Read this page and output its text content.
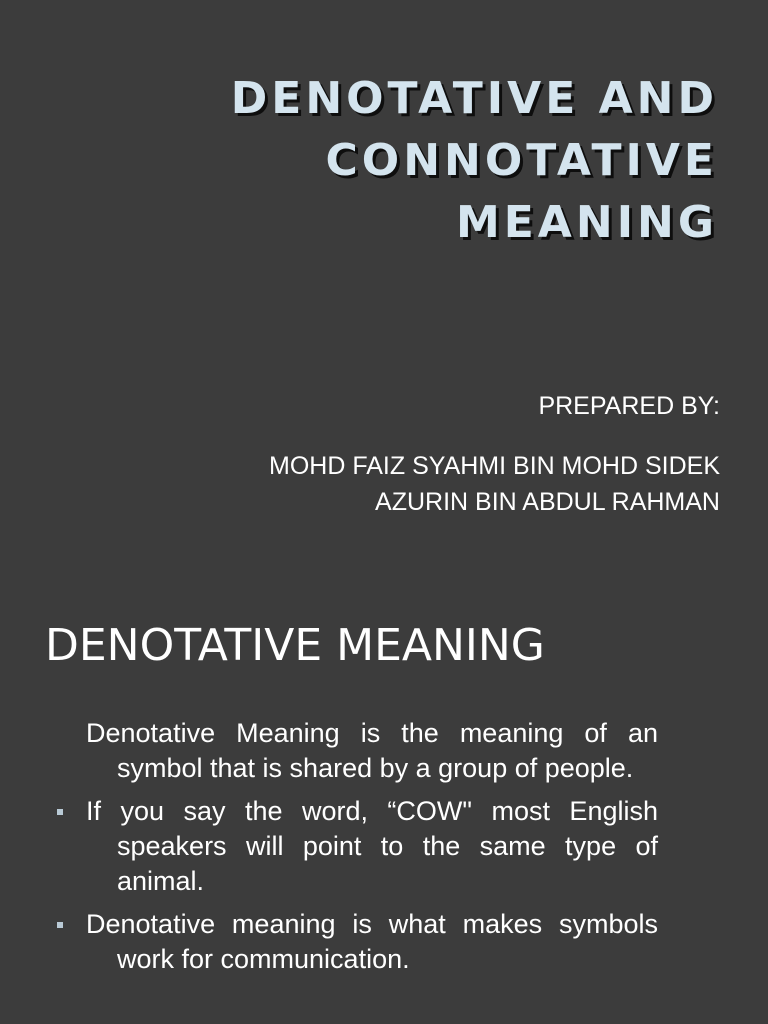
DENOTATIVE AND
CONNOTATIVE
MEANING
PREPARED BY:
MOHD FAIZ SYAHMI BIN MOHD SIDEK
AZURIN BIN ABDUL RAHMAN
DENOTATIVE MEANING

Denotative Meaning is the meaning of an symbol that is shared by a group of people.

If you say the word, “COW" most English speakers will point to the same type of animal.

Denotative meaning is what makes symbols work for communication.
